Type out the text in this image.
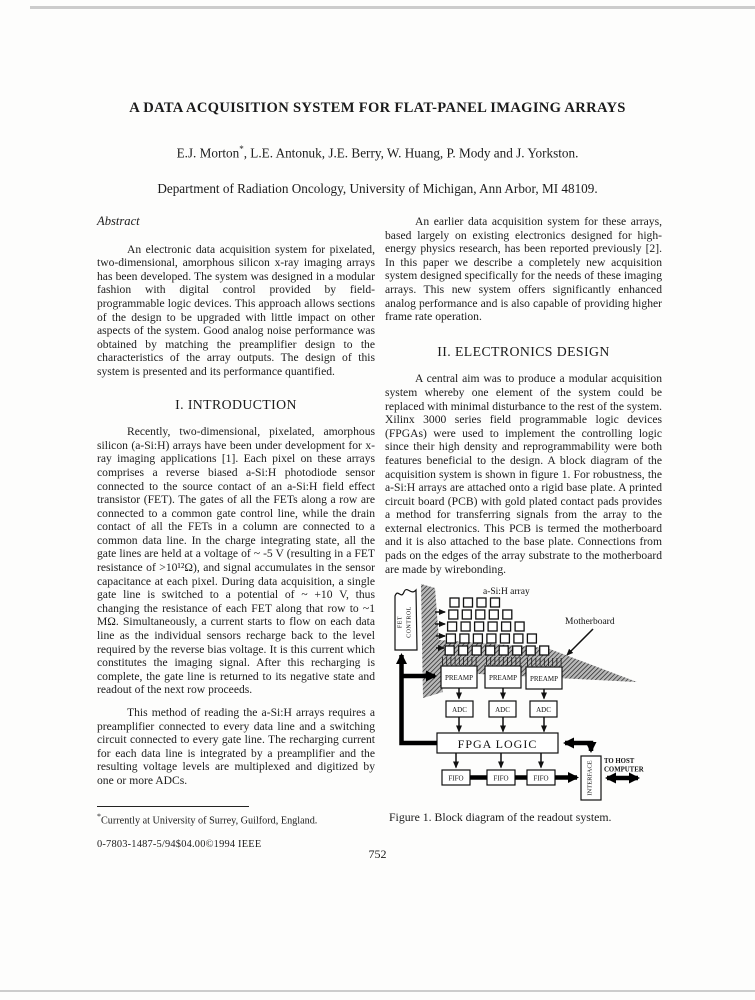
A DATA ACQUISITION SYSTEM FOR FLAT-PANEL IMAGING ARRAYS
E.J. Morton*, L.E. Antonuk, J.E. Berry, W. Huang, P. Mody and J. Yorkston.
Department of Radiation Oncology, University of Michigan, Ann Arbor, MI 48109.
Abstract

An electronic data acquisition system for pixelated, two-dimensional, amorphous silicon x-ray imaging arrays has been developed. The system was designed in a modular fashion with digital control provided by field-programmable logic devices. This approach allows sections of the design to be upgraded with little impact on other aspects of the system. Good analog noise performance was obtained by matching the preamplifier design to the characteristics of the array outputs. The design of this system is presented and its performance quantified.

I. INTRODUCTION

Recently, two-dimensional, pixelated, amorphous silicon (a-Si:H) arrays have been under development for x-ray imaging applications [1]. Each pixel on these arrays comprises a reverse biased a-Si:H photodiode sensor connected to the source contact of an a-Si:H field effect transistor (FET). The gates of all the FETs along a row are connected to a common gate control line, while the drain contact of all the FETs in a column are connected to a common data line. In the charge integrating state, all the gate lines are held at a voltage of ~ -5 V (resulting in a FET resistance of >10¹²Ω), and signal accumulates in the sensor capacitance at each pixel. During data acquisition, a single gate line is switched to a potential of ~ +10 V, thus changing the resistance of each FET along that row to ~1 MΩ. Simultaneously, a current starts to flow on each data line as the individual sensors recharge back to the level required by the reverse bias voltage. It is this current which constitutes the imaging signal. After this recharging is complete, the gate line is returned to its negative state and readout of the next row proceeds.

This method of reading the a-Si:H arrays requires a preamplifier connected to every data line and a switching circuit connected to every gate line. The recharging current for each data line is integrated by a preamplifier and the resulting voltage levels are multiplexed and digitized by one or more ADCs.

An earlier data acquisition system for these arrays, based largely on existing electronics designed for high-energy physics research, has been reported previously [2]. In this paper we describe a completely new acquisition system designed specifically for the needs of these imaging arrays. This new system offers significantly enhanced analog performance and is also capable of providing higher frame rate operation.

II. ELECTRONICS DESIGN

A central aim was to produce a modular acquisition system whereby one element of the system could be replaced with minimal disturbance to the rest of the system. Xilinx 3000 series field programmable logic devices (FPGAs) were used to implement the controlling logic since their high density and reprogrammability were both features beneficial to the design. A block diagram of the acquisition system is shown in figure 1. For robustness, the a-Si:H arrays are attached onto a rigid base plate. A printed circuit board (PCB) with gold plated contact pads provides a method for transferring signals from the array to the external electronics. This PCB is termed the motherboard and it is also attached to the base plate. Connections from pads on the edges of the array substrate to the motherboard are made by wirebonding.

FET CONTROL
a-Si:H array
Motherboard
PREAMP PREAMP PREAMP
ADC	ADC	ADC
FPGA LOGIC
FIFO	FIFO	FIFO	INTERFACE TO HOST
COMPUTER
Figure 1. Block diagram of the readout system.
*Currently at University of Surrey, Guilford, England.
0-7803-1487-5/94$04.00©1994 IEEE
752
